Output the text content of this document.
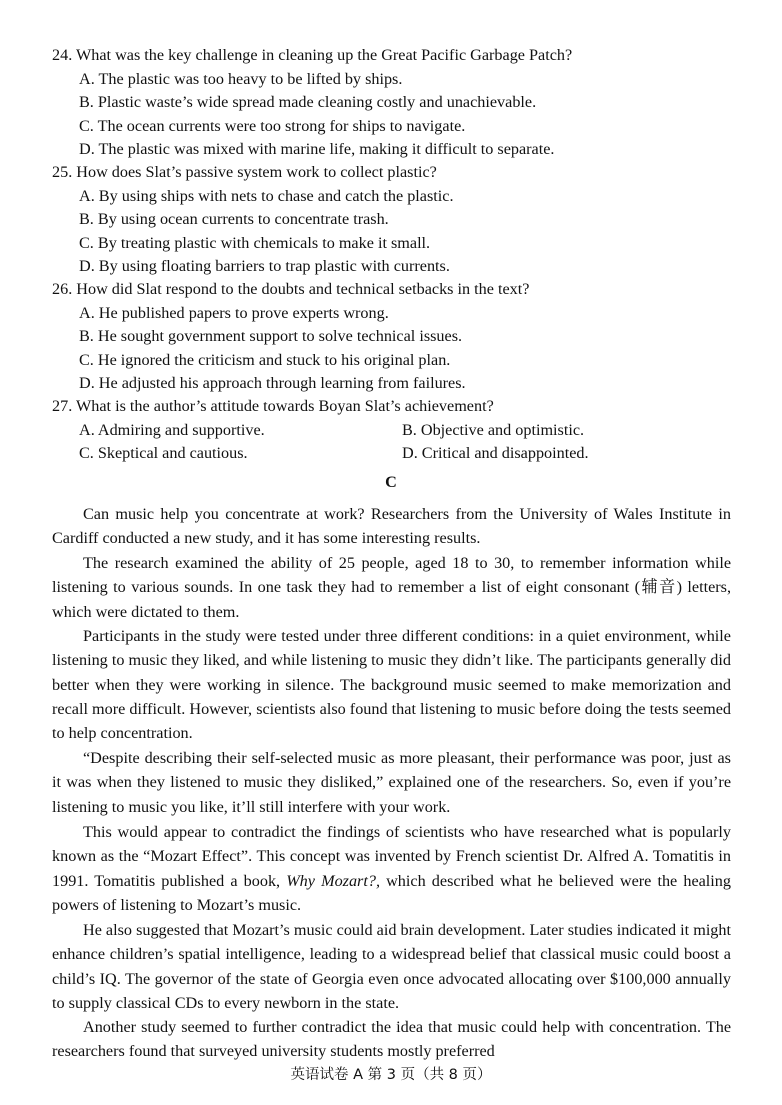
24. What was the key challenge in cleaning up the Great Pacific Garbage Patch?
A. The plastic was too heavy to be lifted by ships.
B. Plastic waste’s wide spread made cleaning costly and unachievable.
C. The ocean currents were too strong for ships to navigate.
D. The plastic was mixed with marine life, making it difficult to separate.
25. How does Slat’s passive system work to collect plastic?
A. By using ships with nets to chase and catch the plastic.
B. By using ocean currents to concentrate trash.
C. By treating plastic with chemicals to make it small.
D. By using floating barriers to trap plastic with currents.
26. How did Slat respond to the doubts and technical setbacks in the text?
A. He published papers to prove experts wrong.
B. He sought government support to solve technical issues.
C. He ignored the criticism and stuck to his original plan.
D. He adjusted his approach through learning from failures.
27. What is the author’s attitude towards Boyan Slat’s achievement?
A. Admiring and supportive.	B. Objective and optimistic.
C. Skeptical and cautious.	D. Critical and disappointed.
C

Can music help you concentrate at work? Researchers from the University of Wales Institute in Cardiff conducted a new study, and it has some interesting results.

The research examined the ability of 25 people, aged 18 to 30, to remember information while listening to various sounds. In one task they had to remember a list of eight consonant (辅音) letters, which were dictated to them.

Participants in the study were tested under three different conditions: in a quiet environment, while listening to music they liked, and while listening to music they didn’t like. The participants generally did better when they were working in silence. The background music seemed to make memorization and recall more difficult. However, scientists also found that listening to music before doing the tests seemed to help concentration.

“Despite describing their self-selected music as more pleasant, their performance was poor, just as it was when they listened to music they disliked,” explained one of the researchers. So, even if you’re listening to music you like, it’ll still interfere with your work.

This would appear to contradict the findings of scientists who have researched what is popularly known as the “Mozart Effect”. This concept was invented by French scientist Dr. Alfred A. Tomatitis in 1991. Tomatitis published a book, Why Mozart?, which described what he believed were the healing powers of listening to Mozart’s music.

He also suggested that Mozart’s music could aid brain development. Later studies indicated it might enhance children’s spatial intelligence, leading to a widespread belief that classical music could boost a child’s IQ. The governor of the state of Georgia even once advocated allocating over $100,000 annually to supply classical CDs to every newborn in the state.

Another study seemed to further contradict the idea that music could help with concentration. The researchers found that surveyed university students mostly preferred

英语试卷 A 第 3 页（共 8 页）
